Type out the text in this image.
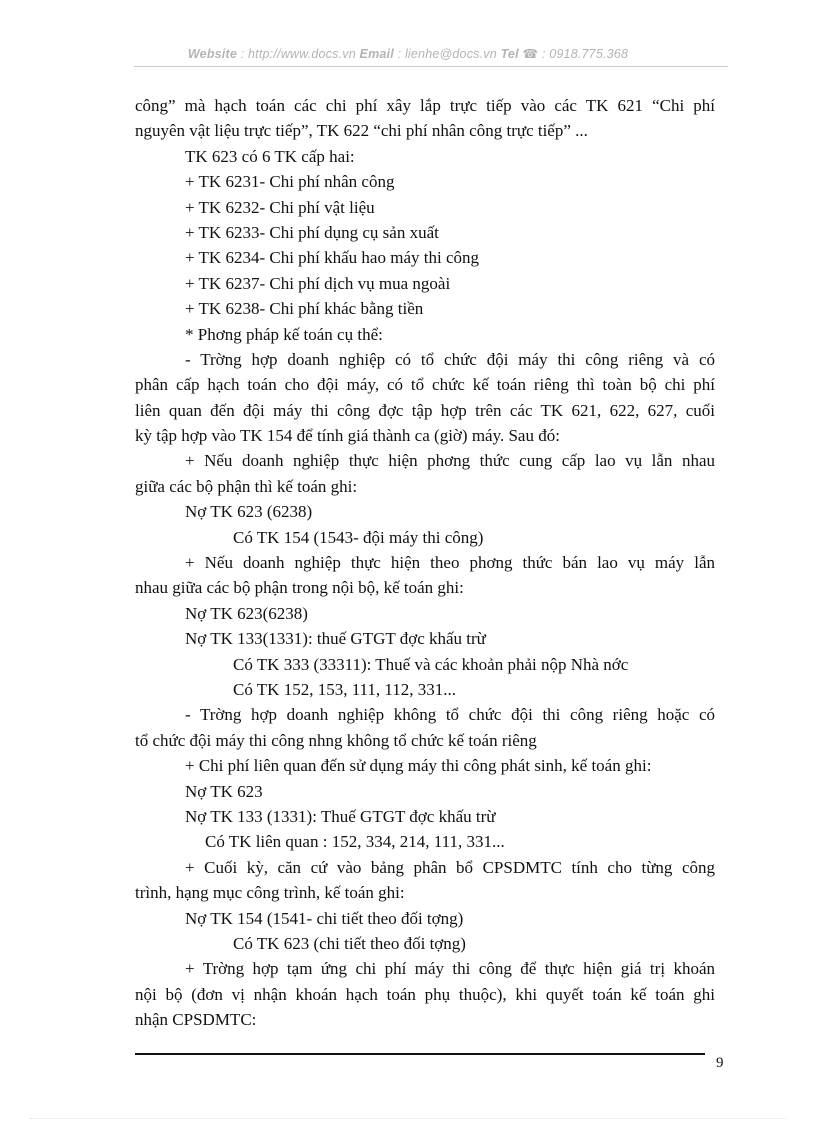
Website : http://www.docs.vn Email : lienhe@docs.vn Tel ☎ : 0918.775.368
công” mà hạch toán các chi phí xây lắp trực tiếp vào các TK 621 “Chi phí
nguyên vật liệu trực tiếp”, TK 622 “chi phí nhân công trực tiếp” ...
TK 623 có 6 TK cấp hai:
+ TK 6231- Chi phí nhân công
+ TK 6232- Chi phí vật liệu
+ TK 6233- Chi phí dụng cụ sản xuất
+ TK 6234- Chi phí khấu hao máy thi công
+ TK 6237- Chi phí dịch vụ mua ngoài
+ TK 6238- Chi phí khác bằng tiền
* Phơng pháp kế toán cụ thể:
- Trờng hợp doanh nghiệp có tổ chức đội máy thi công riêng và có
phân cấp hạch toán cho đội máy, có tổ chức kế toán riêng thì toàn bộ chi phí
liên quan đến đội máy thi công đợc tập hợp trên các TK 621, 622, 627, cuối
kỳ tập hợp vào TK 154 để tính giá thành ca (giờ) máy. Sau đó:
+ Nếu doanh nghiệp thực hiện phơng thức cung cấp lao vụ lẫn nhau
giữa các bộ phận thì kế toán ghi:
Nợ TK 623 (6238)
Có TK 154 (1543- đội máy thi công)
+ Nếu doanh nghiệp thực hiện theo phơng thức bán lao vụ máy lẫn
nhau giữa các bộ phận trong nội bộ, kế toán ghi:
Nợ TK 623(6238)
Nợ TK 133(1331): thuế GTGT đợc khấu trừ
Có TK 333 (33311): Thuế và các khoản phải nộp Nhà nớc
Có TK 152, 153, 111, 112, 331...
- Trờng hợp doanh nghiệp không tổ chức đội thi công riêng hoặc có
tổ chức đội máy thi công nhng không tổ chức kế toán riêng
+ Chi phí liên quan đến sử dụng máy thi công phát sinh, kế toán ghi:
Nợ TK 623
Nợ TK 133 (1331): Thuế GTGT đợc khấu trừ
Có TK liên quan : 152, 334, 214, 111, 331...
+ Cuối kỳ, căn cứ vào bảng phân bổ CPSDMTC tính cho từng công
trình, hạng mục công trình, kế toán ghi:
Nợ TK 154 (1541- chi tiết theo đối tợng)
Có TK 623 (chi tiết theo đối tợng)
+ Trờng hợp tạm ứng chi phí máy thi công để thực hiện giá trị khoán
nội bộ (đơn vị nhận khoán hạch toán phụ thuộc), khi quyết toán kế toán ghi
nhận CPSDMTC:
9
